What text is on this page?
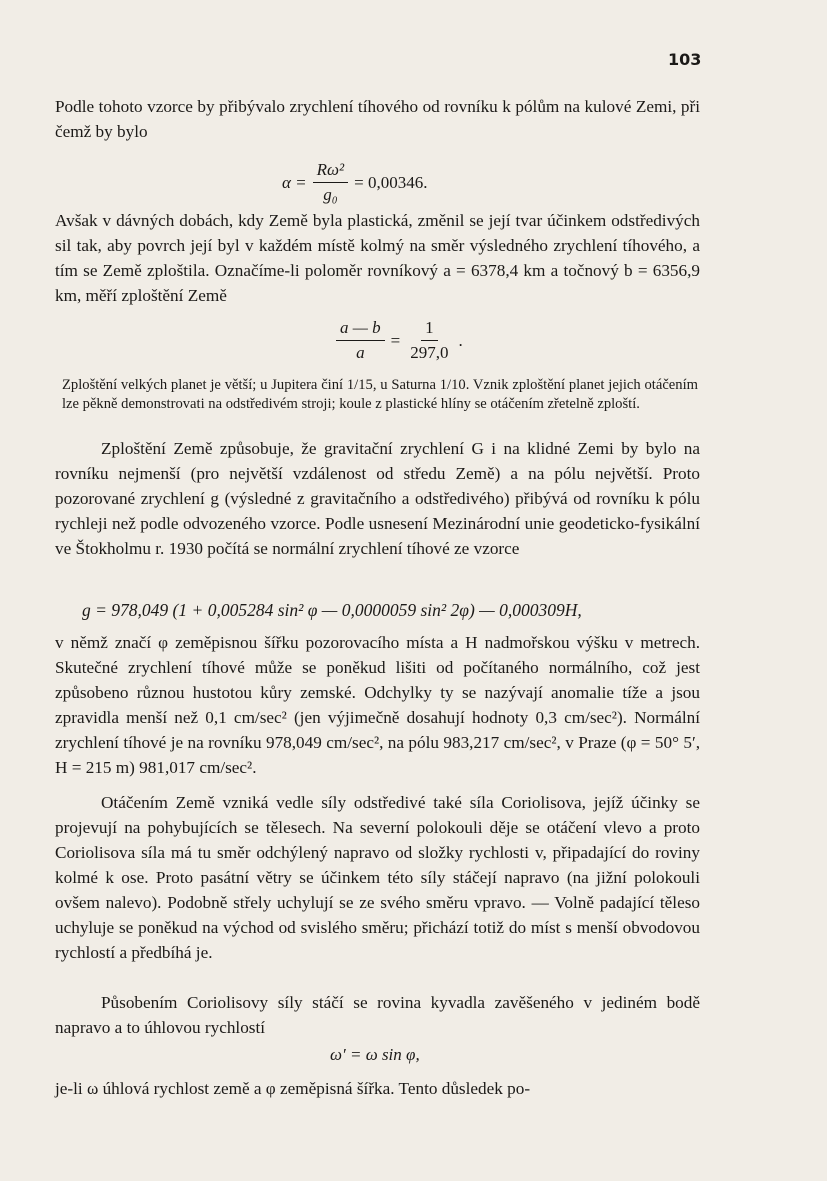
103

Podle tohoto vzorce by přibývalo zrychlení tíhového od rovníku k pólům na kulové Zemi, při čemž by bylo

$\alpha = \frac{\text{Rω²}}{\text{g₀}} = 0,00346$.

Avšak v dávných dobách, kdy Země byla plastická, změnil se její tvar účinkem odstředivých sil tak, aby povrch její byl v každém místě kolmý na směr výsledného zrychlení tíhového, a tím se Země zploštila. Označíme-li poloměr rovníkový a = 6378,4 km a točnový b = 6356,9 km, měří zploštění Země

$\frac{a — b}{a} = \frac{1}{297,0}$ .

Zploštění velkých planet je větší; u Jupitera činí 1/15, u Saturna 1/10. Vznik zploštění planet jejich otáčením lze pěkně demonstrovati na odstředivém stroji; koule z plastické hlíny se otáčením zřetelně zploští.

Zploštění Země způsobuje, že gravitační zrychlení G i na klidné Zemi by bylo na rovníku nejmenší (pro největší vzdálenost od středu Země) a na pólu největší. Proto pozorované zrychlení g (výsledné z gravitačního a odstředivého) přibývá od rovníku k pólu rychleji než podle odvozeného vzorce. Podle usnesení Mezinárodní unie geodeticko-fysikální ve Štokholmu r. 1930 počítá se normální zrychlení tíhové ze vzorce

g = 978,049 (1 + 0,005284 sin² φ — 0,0000059 sin² 2φ) — 0,000309H,

v němž značí φ zeměpisnou šířku pozorovacího místa a H nadmořskou výšku v metrech. Skutečné zrychlení tíhové může se poněkud lišiti od počítaného normálního, což jest způsobeno různou hustotou kůry zemské. Odchylky ty se nazývají anomalie tíže a jsou zpravidla menší než 0,1 cm/sec² (jen výjimečně dosahují hodnoty 0,3 cm/sec²). Normální zrychlení tíhové je na rovníku 978,049 cm/sec², na pólu 983,217 cm/sec², v Praze (φ = 50° 5′, H = 215 m) 981,017 cm/sec².

Otáčením Země vzniká vedle síly odstředivé také síla Coriolisova, jejíž účinky se projevují na pohybujících se tělesech. Na severní polokouli děje se otáčení vlevo a proto Coriolisova síla má tu směr odchýlený napravo od složky rychlosti v, připadající do roviny kolmé k ose. Proto pasátní větry se účinkem této síly stáčejí napravo (na jižní polokouli ovšem nalevo). Podobně střely uchylují se ze svého směru vpravo. — Volně padající těleso uchyluje se poněkud na východ od svislého směru; přichází totiž do míst s menší obvodovou rychlostí a předbíhá je.

Působením Coriolisovy síly stáčí se rovina kyvadla zavěšeného v jediném bodě napravo a to úhlovou rychlostí

ω′ = ω sin φ,

je-li ω úhlová rychlost země a φ zeměpisná šířka. Tento důsledek po-
